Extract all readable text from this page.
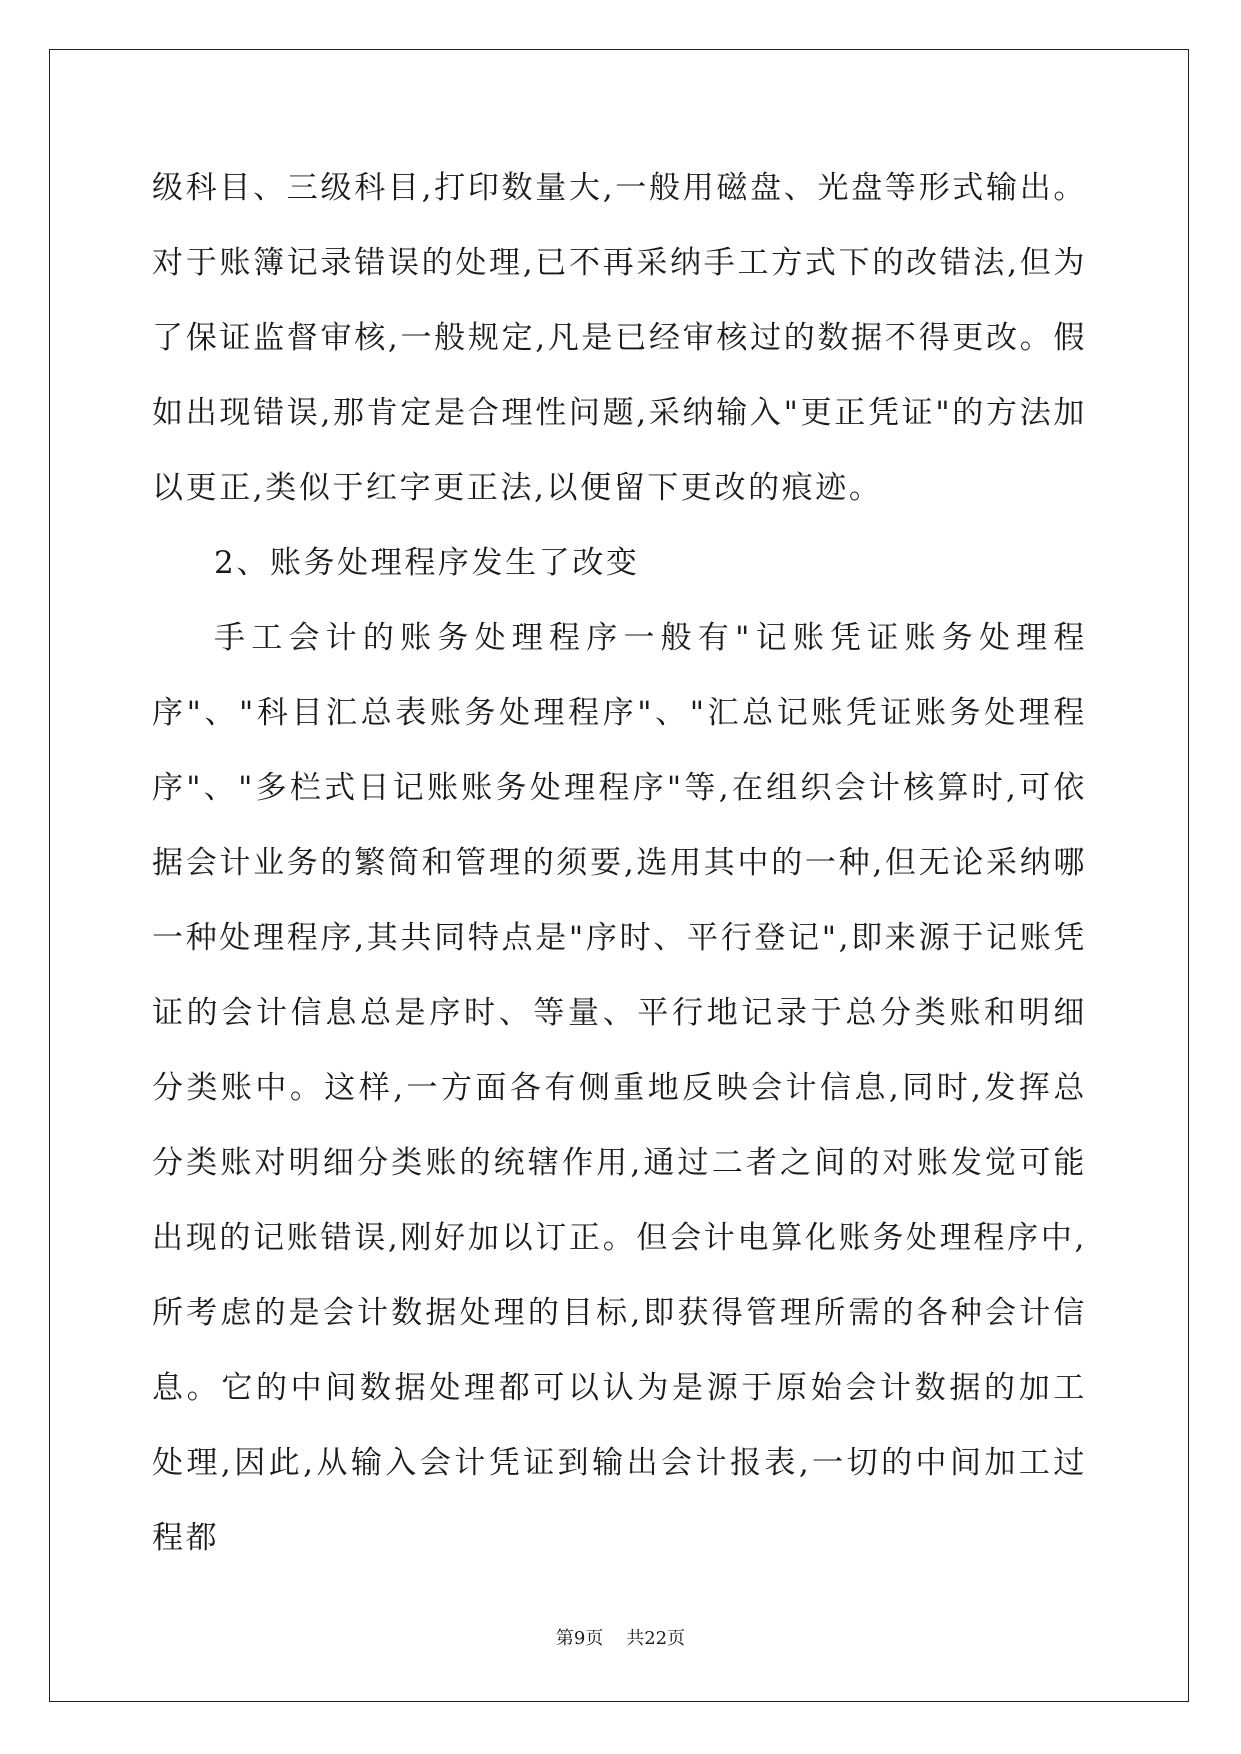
级科目、三级科目,打印数量大,一般用磁盘、光盘等形式输出。对于账簿记录错误的处理,已不再采纳手工方式下的改错法,但为了保证监督审核,一般规定,凡是已经审核过的数据不得更改。假如出现错误,那肯定是合理性问题,采纳输入"更正凭证"的方法加以更正,类似于红字更正法,以便留下更改的痕迹。

2、账务处理程序发生了改变

手工会计的账务处理程序一般有"记账凭证账务处理程序"、"科目汇总表账务处理程序"、"汇总记账凭证账务处理程序"、"多栏式日记账账务处理程序"等,在组织会计核算时,可依据会计业务的繁简和管理的须要,选用其中的一种,但无论采纳哪一种处理程序,其共同特点是"序时、平行登记",即来源于记账凭证的会计信息总是序时、等量、平行地记录于总分类账和明细分类账中。这样,一方面各有侧重地反映会计信息,同时,发挥总分类账对明细分类账的统辖作用,通过二者之间的对账发觉可能出现的记账错误,刚好加以订正。但会计电算化账务处理程序中,所考虑的是会计数据处理的目标,即获得管理所需的各种会计信息。它的中间数据处理都可以认为是源于原始会计数据的加工处理,因此,从输入会计凭证到输出会计报表,一切的中间加工过程都

第9页 共22页
